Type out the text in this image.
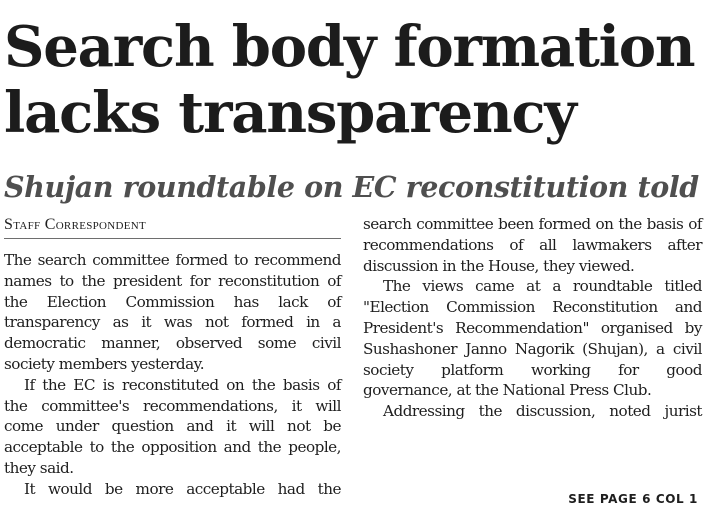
Search body formation
lacks transparency
Shujan roundtable on EC reconstitution told
Staff Correspondent

The search committee formed to recommend names to the president for reconstitution of the Election Commission has lack of transparency as it was not formed in a democratic manner, observed some civil society members yesterday.

If the EC is reconstituted on the basis of the committee's recommendations, it will come under question and it will not be acceptable to the opposition and the people, they said.

It would be more acceptable had the

search committee been formed on the basis of recommendations of all lawmakers after discussion in the House, they viewed.

The views came at a roundtable titled "Election Commission Reconstitution and President's Recommendation" organised by Sushashoner Janno Nagorik (Shujan), a civil society platform working for good governance, at the National Press Club.

Addressing the discussion, noted jurist

SEE PAGE 6 COL 1
